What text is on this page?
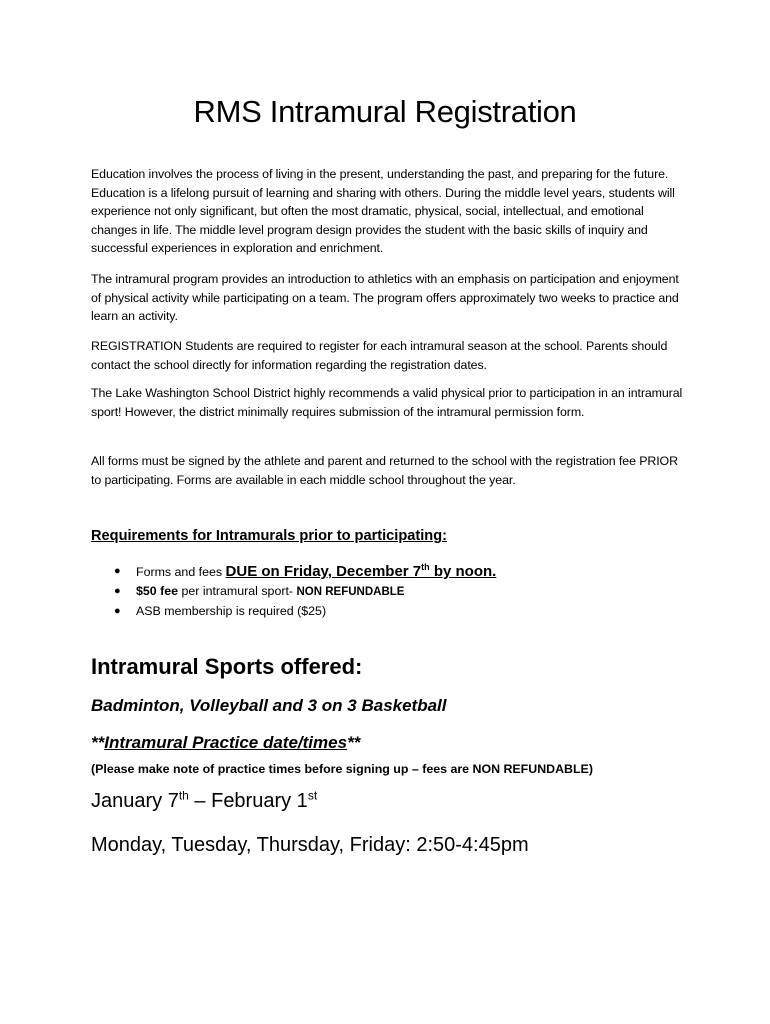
RMS Intramural Registration

Education involves the process of living in the present, understanding the past, and preparing for the future. Education is a lifelong pursuit of learning and sharing with others. During the middle level years, students will experience not only significant, but often the most dramatic, physical, social, intellectual, and emotional changes in life. The middle level program design provides the student with the basic skills of inquiry and successful experiences in exploration and enrichment.

The intramural program provides an introduction to athletics with an emphasis on participation and enjoyment of physical activity while participating on a team. The program offers approximately two weeks to practice and learn an activity.

REGISTRATION Students are required to register for each intramural season at the school. Parents should contact the school directly for information regarding the registration dates.

The Lake Washington School District highly recommends a valid physical prior to participation in an intramural sport! However, the district minimally requires submission of the intramural permission form.

All forms must be signed by the athlete and parent and returned to the school with the registration fee PRIOR to participating. Forms are available in each middle school throughout the year.

Requirements for Intramurals prior to participating:
● Forms and fees DUE on Friday, December 7th by noon.
● $50 fee per intramural sport- NON REFUNDABLE
● ASB membership is required ($25)
Intramural Sports offered:

Badminton, Volleyball and 3 on 3 Basketball

**Intramural Practice date/times**

(Please make note of practice times before signing up – fees are NON REFUNDABLE)

January 7th – February 1st

Monday, Tuesday, Thursday, Friday: 2:50-4:45pm
